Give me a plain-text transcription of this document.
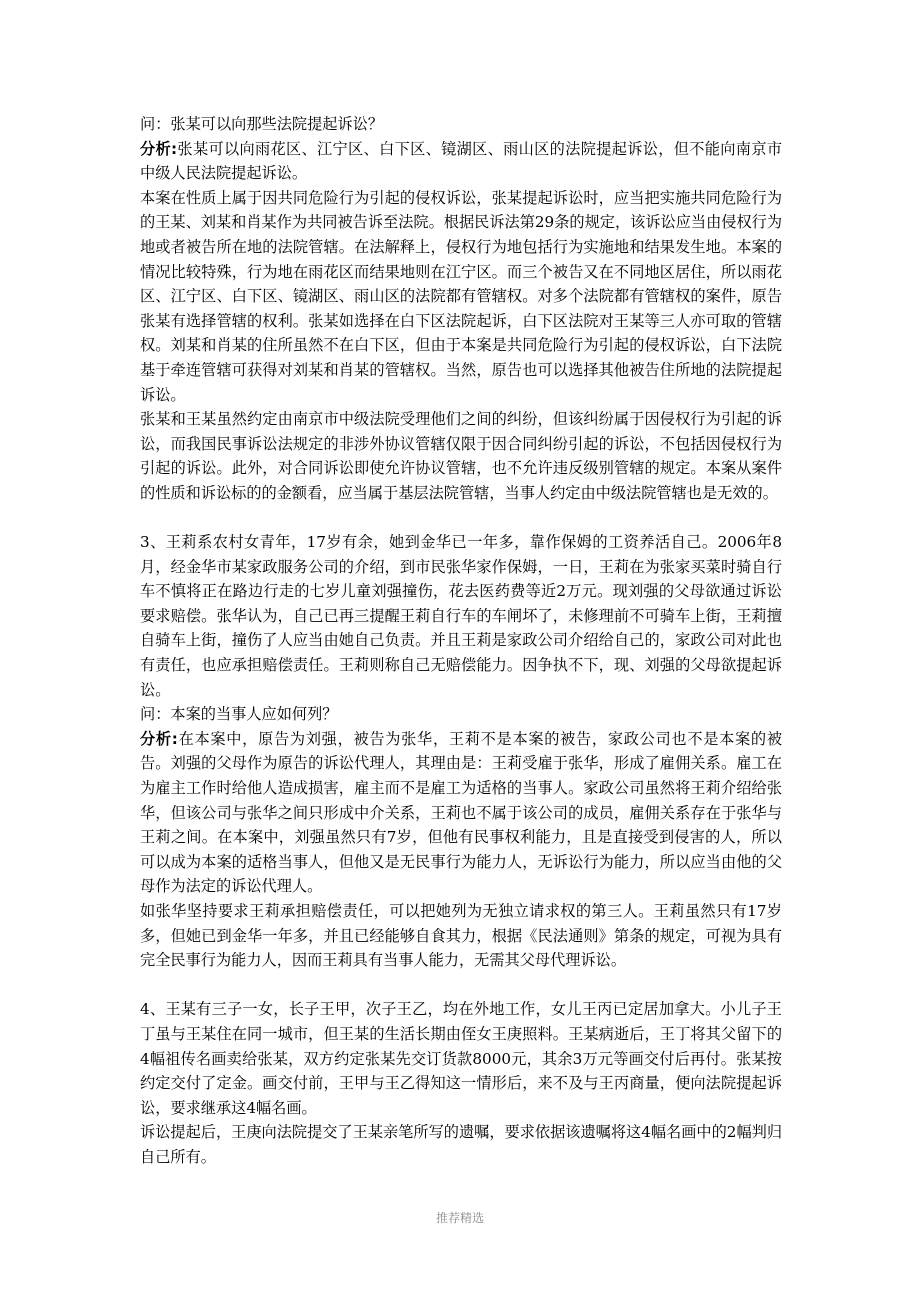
问：张某可以向那些法院提起诉讼？

分析:张某可以向雨花区、江宁区、白下区、镜湖区、雨山区的法院提起诉讼，但不能向南京市中级人民法院提起诉讼。

本案在性质上属于因共同危险行为引起的侵权诉讼，张某提起诉讼时，应当把实施共同危险行为的王某、刘某和肖某作为共同被告诉至法院。根据民诉法第29条的规定，该诉讼应当由侵权行为地或者被告所在地的法院管辖。在法解释上，侵权行为地包括行为实施地和结果发生地。本案的情况比较特殊，行为地在雨花区而结果地则在江宁区。而三个被告又在不同地区居住，所以雨花区、江宁区、白下区、镜湖区、雨山区的法院都有管辖权。对多个法院都有管辖权的案件，原告张某有选择管辖的权利。张某如选择在白下区法院起诉，白下区法院对王某等三人亦可取的管辖权。刘某和肖某的住所虽然不在白下区，但由于本案是共同危险行为引起的侵权诉讼，白下法院基于牵连管辖可获得对刘某和肖某的管辖权。当然，原告也可以选择其他被告住所地的法院提起诉讼。

张某和王某虽然约定由南京市中级法院受理他们之间的纠纷，但该纠纷属于因侵权行为引起的诉讼，而我国民事诉讼法规定的非涉外协议管辖仅限于因合同纠纷引起的诉讼，不包括因侵权行为引起的诉讼。此外，对合同诉讼即使允许协议管辖，也不允许违反级别管辖的规定。本案从案件的性质和诉讼标的的金额看，应当属于基层法院管辖，当事人约定由中级法院管辖也是无效的。

3、王莉系农村女青年，17岁有余，她到金华已一年多，靠作保姆的工资养活自己。2006年8月，经金华市某家政服务公司的介绍，到市民张华家作保姆，一日，王莉在为张家买菜时骑自行车不慎将正在路边行走的七岁儿童刘强撞伤，花去医药费等近2万元。现刘强的父母欲通过诉讼要求赔偿。张华认为，自己已再三提醒王莉自行车的车闸坏了，未修理前不可骑车上街，王莉擅自骑车上街，撞伤了人应当由她自己负责。并且王莉是家政公司介绍给自己的，家政公司对此也有责任，也应承担赔偿责任。王莉则称自己无赔偿能力。因争执不下，现、刘强的父母欲提起诉讼。

问：本案的当事人应如何列？

分析:在本案中，原告为刘强，被告为张华，王莉不是本案的被告，家政公司也不是本案的被告。刘强的父母作为原告的诉讼代理人，其理由是：王莉受雇于张华，形成了雇佣关系。雇工在为雇主工作时给他人造成损害，雇主而不是雇工为适格的当事人。家政公司虽然将王莉介绍给张华，但该公司与张华之间只形成中介关系，王莉也不属于该公司的成员，雇佣关系存在于张华与王莉之间。在本案中，刘强虽然只有7岁，但他有民事权利能力，且是直接受到侵害的人，所以可以成为本案的适格当事人，但他又是无民事行为能力人，无诉讼行为能力，所以应当由他的父母作为法定的诉讼代理人。

如张华坚持要求王莉承担赔偿责任，可以把她列为无独立请求权的第三人。王莉虽然只有17岁多，但她已到金华一年多，并且已经能够自食其力，根据《民法通则》第条的规定，可视为具有完全民事行为能力人，因而王莉具有当事人能力，无需其父母代理诉讼。

4、王某有三子一女，长子王甲，次子王乙，均在外地工作，女儿王丙已定居加拿大。小儿子王丁虽与王某住在同一城市，但王某的生活长期由侄女王庚照料。王某病逝后，王丁将其父留下的4幅祖传名画卖给张某，双方约定张某先交订货款8000元，其余3万元等画交付后再付。张某按约定交付了定金。画交付前，王甲与王乙得知这一情形后，来不及与王丙商量，便向法院提起诉讼，要求继承这4幅名画。

诉讼提起后，王庚向法院提交了王某亲笔所写的遗嘱，要求依据该遗嘱将这4幅名画中的2幅判归自己所有。

推荐精选
